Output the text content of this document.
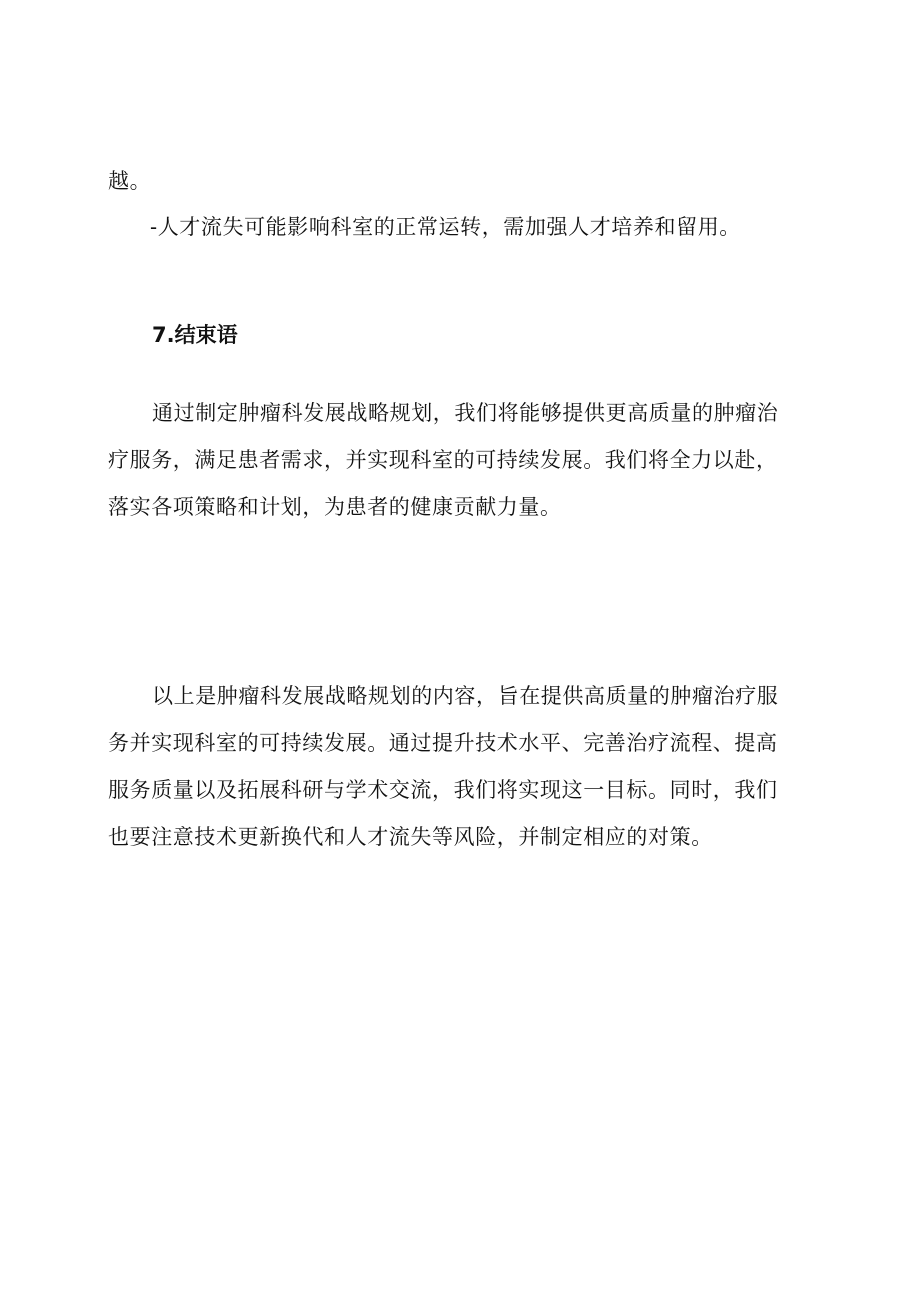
越。
-人才流失可能影响科室的正常运转，需加强人才培养和留用。
7.结束语
通过制定肿瘤科发展战略规划，我们将能够提供更高质量的肿瘤治
疗服务，满足患者需求，并实现科室的可持续发展。我们将全力以赴，
落实各项策略和计划，为患者的健康贡献力量。
以上是肿瘤科发展战略规划的内容，旨在提供高质量的肿瘤治疗服
务并实现科室的可持续发展。通过提升技术水平、完善治疗流程、提高
服务质量以及拓展科研与学术交流，我们将实现这一目标。同时，我们
也要注意技术更新换代和人才流失等风险，并制定相应的对策。
